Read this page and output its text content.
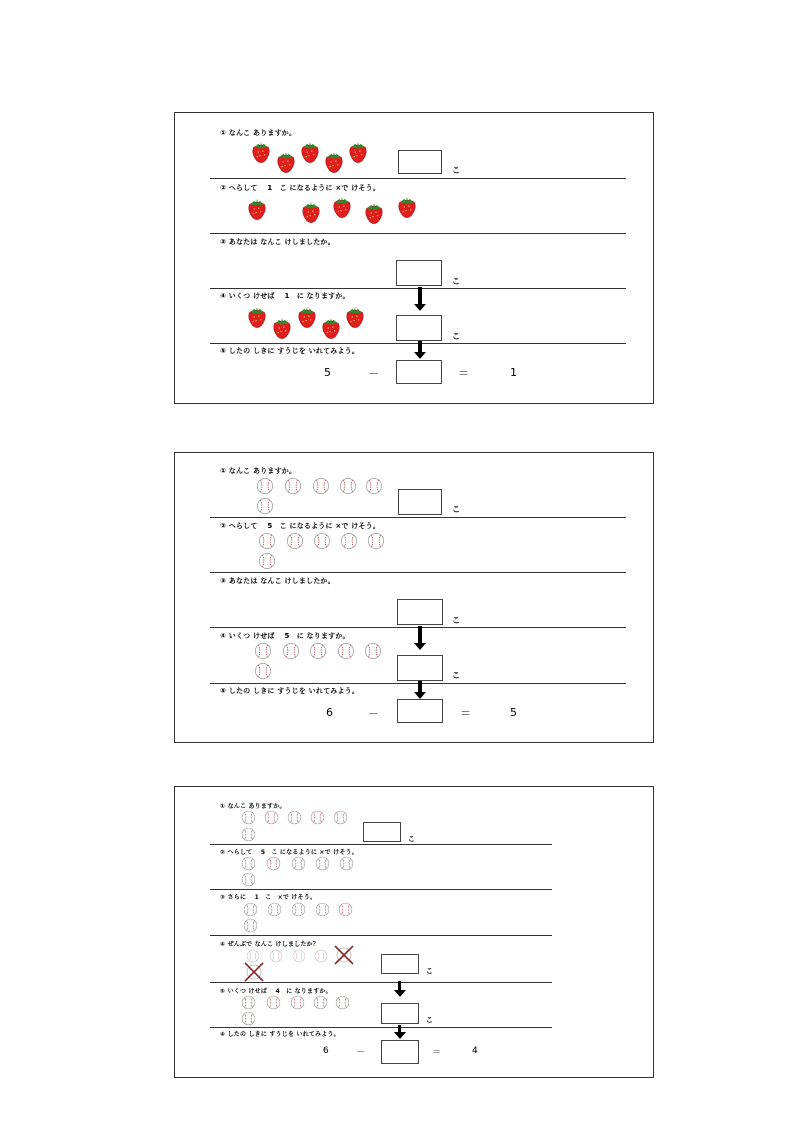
① なんこ ありますか。
こ
② へらして　 1　こ になるように ×で けそう。
③ あなたは なんこ けしましたか。
こ
④ いくつ けせば　 1　に なりますか。
こ
⑤ したの しきに すうじを いれてみよう。
5	－	＝	1
① なんこ ありますか。
こ
② へらして　 5　こ になるように ×で けそう。
③ あなたは なんこ けしましたか。
こ
④ いくつ けせば　 5　に なりますか。
こ
⑤ したの しきに すうじを いれてみよう。
6	－	＝	5
① なんこ ありますか。
こ
② へらして　 5　こ になるように ×で けそう。
③ さらに　 1　こ　×で けそう。
④ ぜんぶで なんこ けしましたか？
こ
⑤ いくつ けせば　 4　に なりますか。
こ
④ したの しきに すうじを いれてみよう。
6	－	＝	4
